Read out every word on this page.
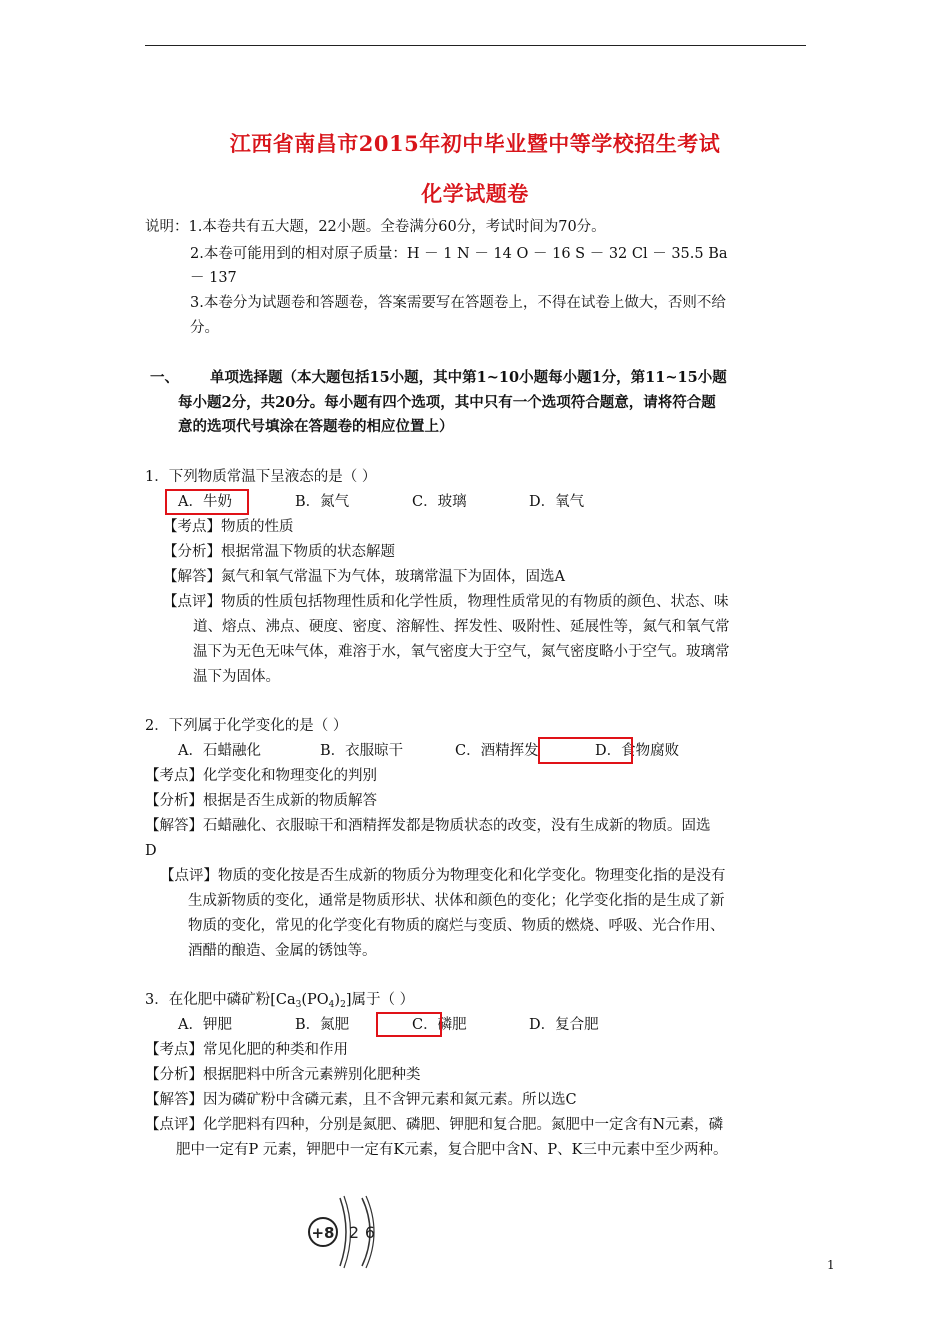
江西省南昌市2015年初中毕业暨中等学校招生考试
化学试题卷
说明：1.本卷共有五大题，22小题。全卷满分60分，考试时间为70分。
2.本卷可能用到的相对原子质量：H － 1 N － 14 O － 16 S － 32 Cl － 35.5 Ba
－ 137
3.本卷分为试题卷和答题卷，答案需要写在答题卷上，不得在试卷上做大，否则不给
分。
一、 单项选择题（本大题包括15小题，其中第1~10小题每小题1分，第11~15小题
每小题2分，共20分。每小题有四个选项，其中只有一个选项符合题意，请将符合题
意的选项代号填涂在答题卷的相应位置上）
1．下列物质常温下呈液态的是（ ）
A．牛奶	B．氮气	C．玻璃	D．氧气
【考点】物质的性质
【分析】根据常温下物质的状态解题
【解答】氮气和氧气常温下为气体，玻璃常温下为固体，固选A
【点评】物质的性质包括物理性质和化学性质，物理性质常见的有物质的颜色、状态、味
道、熔点、沸点、硬度、密度、溶解性、挥发性、吸附性、延展性等，氮气和氧气常
温下为无色无味气体，难溶于水，氧气密度大于空气，氮气密度略小于空气。玻璃常
温下为固体。
2．下列属于化学变化的是（ ）
A．石蜡融化	B．衣服晾干	C．酒精挥发	D．食物腐败
【考点】化学变化和物理变化的判别
【分析】根据是否生成新的物质解答
【解答】石蜡融化、衣服晾干和酒精挥发都是物质状态的改变，没有生成新的物质。固选
D
【点评】物质的变化按是否生成新的物质分为物理变化和化学变化。物理变化指的是没有
生成新物质的变化，通常是物质形状、状体和颜色的变化；化学变化指的是生成了新
物质的变化，常见的化学变化有物质的腐烂与变质、物质的燃烧、呼吸、光合作用、
酒醋的酿造、金属的锈蚀等。
3．在化肥中磷矿粉$[Ca_3(PO_4)_2]$属于（ ）
A．钾肥	B．氮肥	C．磷肥	D．复合肥
【考点】常见化肥的种类和作用
【分析】根据肥料中所含元素辨别化肥种类
【解答】因为磷矿粉中含磷元素，且不含钾元素和氮元素。所以选C
【点评】化学肥料有四种，分别是氮肥、磷肥、钾肥和复合肥。氮肥中一定含有N元素，磷
肥中一定有P 元素，钾肥中一定有K元素，复合肥中含N、P、K三中元素中至少两种。
+8 2 6
1
